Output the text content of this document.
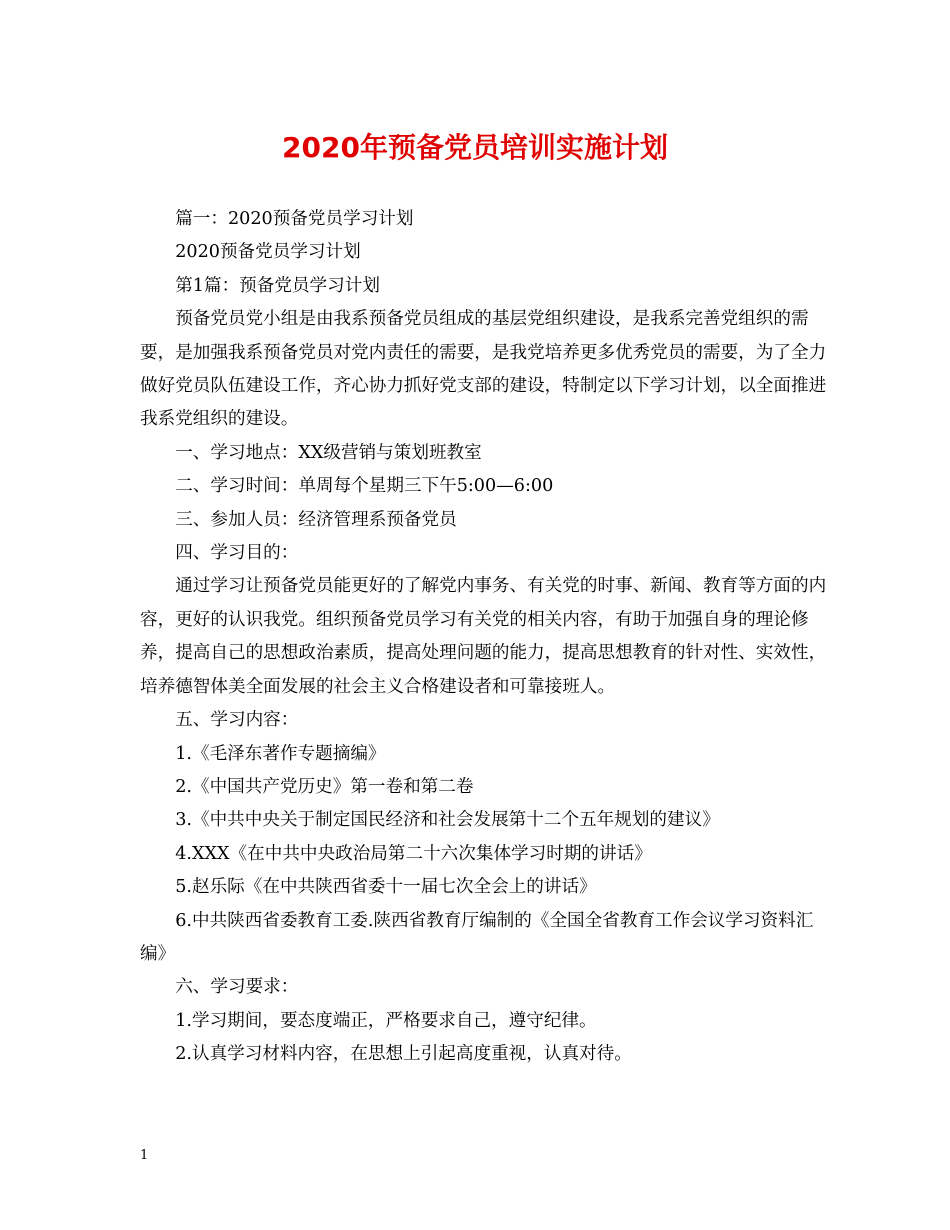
2020年预备党员培训实施计划

篇一：2020预备党员学习计划

2020预备党员学习计划

第1篇：预备党员学习计划

预备党员党小组是由我系预备党员组成的基层党组织建设，是我系完善党组织的需要，是加强我系预备党员对党内责任的需要，是我党培养更多优秀党员的需要，为了全力做好党员队伍建设工作，齐心协力抓好党支部的建设，特制定以下学习计划，以全面推进我系党组织的建设。

一、学习地点：XX级营销与策划班教室

二、学习时间：单周每个星期三下午5:00—6:00

三、参加人员：经济管理系预备党员

四、学习目的：

通过学习让预备党员能更好的了解党内事务、有关党的时事、新闻、教育等方面的内容，更好的认识我党。组织预备党员学习有关党的相关内容，有助于加强自身的理论修养，提高自己的思想政治素质，提高处理问题的能力，提高思想教育的针对性、实效性，培养德智体美全面发展的社会主义合格建设者和可靠接班人。

五、学习内容：

1.《毛泽东著作专题摘编》

2.《中国共产党历史》第一卷和第二卷

3.《中共中央关于制定国民经济和社会发展第十二个五年规划的建议》

4.XXX《在中共中央政治局第二十六次集体学习时期的讲话》

5.赵乐际《在中共陕西省委十一届七次全会上的讲话》

6.中共陕西省委教育工委.陕西省教育厅编制的《全国全省教育工作会议学习资料汇编》

六、学习要求：

1.学习期间，要态度端正，严格要求自己，遵守纪律。

2.认真学习材料内容，在思想上引起高度重视，认真对待。

1
